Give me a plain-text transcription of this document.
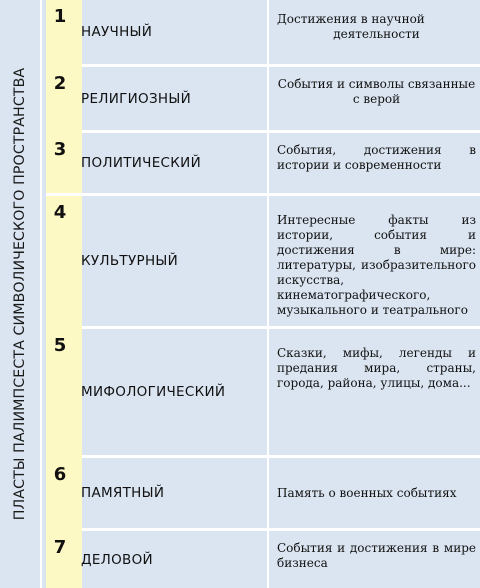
ПЛАСТЫ ПАЛИМПСЕСТА СИМВОЛИЧЕСКОГО ПРОСТРАНСТВА
1
НАУЧНЫЙ
Достижения в научной деятельности
2
РЕЛИГИОЗНЫЙ
События и символы связанные с верой
3
ПОЛИТИЧЕСКИЙ
События, достижения в истории и современности
4
КУЛЬТУРНЫЙ
Интересные факты из истории, события и достижения в мире: литературы, изобразительного искусства, кинематографического, музыкального и театрального
5
МИФОЛОГИЧЕСКИЙ
Сказки, мифы, легенды и предания мира, страны, города, района, улицы, дома...
6
ПАМЯТНЫЙ	Память о военных событиях
7
ДЕЛОВОЙ
События и достижения в мире бизнеса
